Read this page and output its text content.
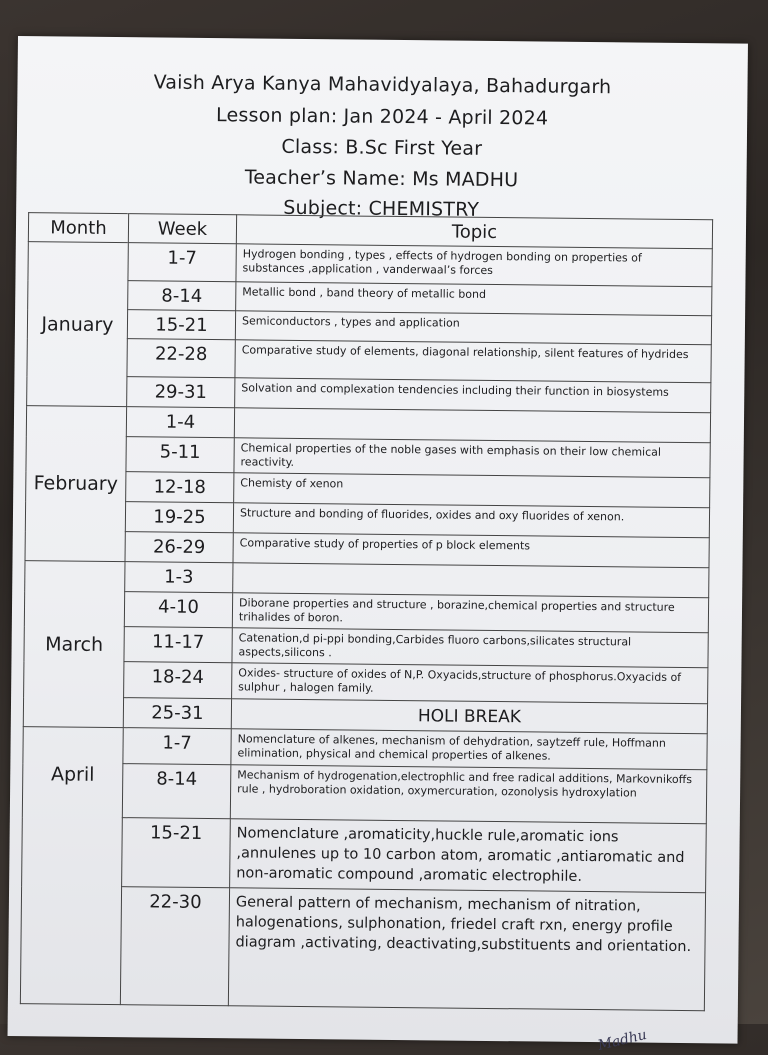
Vaish Arya Kanya Mahavidyalaya, Bahadurgarh
Lesson plan: Jan 2024 - April 2024
Class: B.Sc First Year
Teacher’s Name: Ms MADHU
Subject: CHEMISTRY
Month	Week	Topic
January	1-7	Hydrogen bonding , types , effects of hydrogen bonding on properties of substances ,application , vanderwaal’s forces
	8-14	Metallic bond , band theory of metallic bond
	15-21	Semiconductors , types and application
	22-28	Comparative study of elements, diagonal relationship, silent features of hydrides
	29-31	Solvation and complexation tendencies including their function in biosystems
February	1-4	
	5-11	Chemical properties of the noble gases with emphasis on their low chemical reactivity.
	12-18	Chemisty of xenon
	19-25	Structure and bonding of fluorides, oxides and oxy fluorides of xenon.
	26-29	Comparative study of properties of p block elements
March	1-3	
	4-10	Diborane properties and structure , borazine,chemical properties and structure trihalides of boron.
	11-17	Catenation,d pi-ppi bonding,Carbides fluoro carbons,silicates structural aspects,silicons .
	18-24	Oxides- structure of oxides of N,P. Oxyacids,structure of phosphorus.Oxyacids of sulphur , halogen family.
	25-31	HOLI BREAK
April	1-7	Nomenclature of alkenes, mechanism of dehydration, saytzeff rule, Hoffmann elimination, physical and chemical properties of alkenes.
	8-14	Mechanism of hydrogenation,electrophlic and free radical additions, Markovnikoffs rule , hydroboration oxidation, oxymercuration, ozonolysis hydroxylation
	15-21	Nomenclature ,aromaticity,huckle rule,aromatic ions ,annulenes up to 10 carbon atom, aromatic ,antiaromatic and non-aromatic compound ,aromatic electrophile.
	22-30	General pattern of mechanism, mechanism of nitration, halogenations, sulphonation, friedel craft rxn, energy profile diagram ,activating, deactivating,substituents and orientation.
Madhu
